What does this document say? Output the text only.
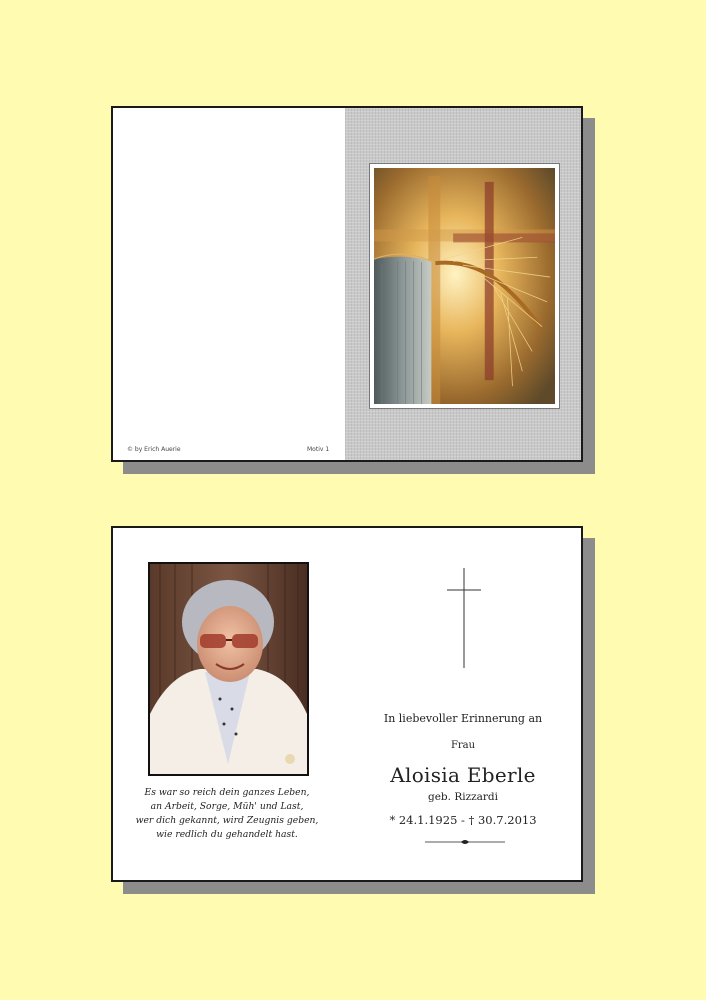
© by Erich Auerie	Motiv 1
Es war so reich dein ganzes Leben,
an Arbeit, Sorge, Müh' und Last,
wer dich gekannt, wird Zeugnis geben,
wie redlich du gehandelt hast.
In liebevoller Erinnerung an
Frau
Aloisia Eberle
geb. Rizzardi
* 24.1.1925 - † 30.7.2013
